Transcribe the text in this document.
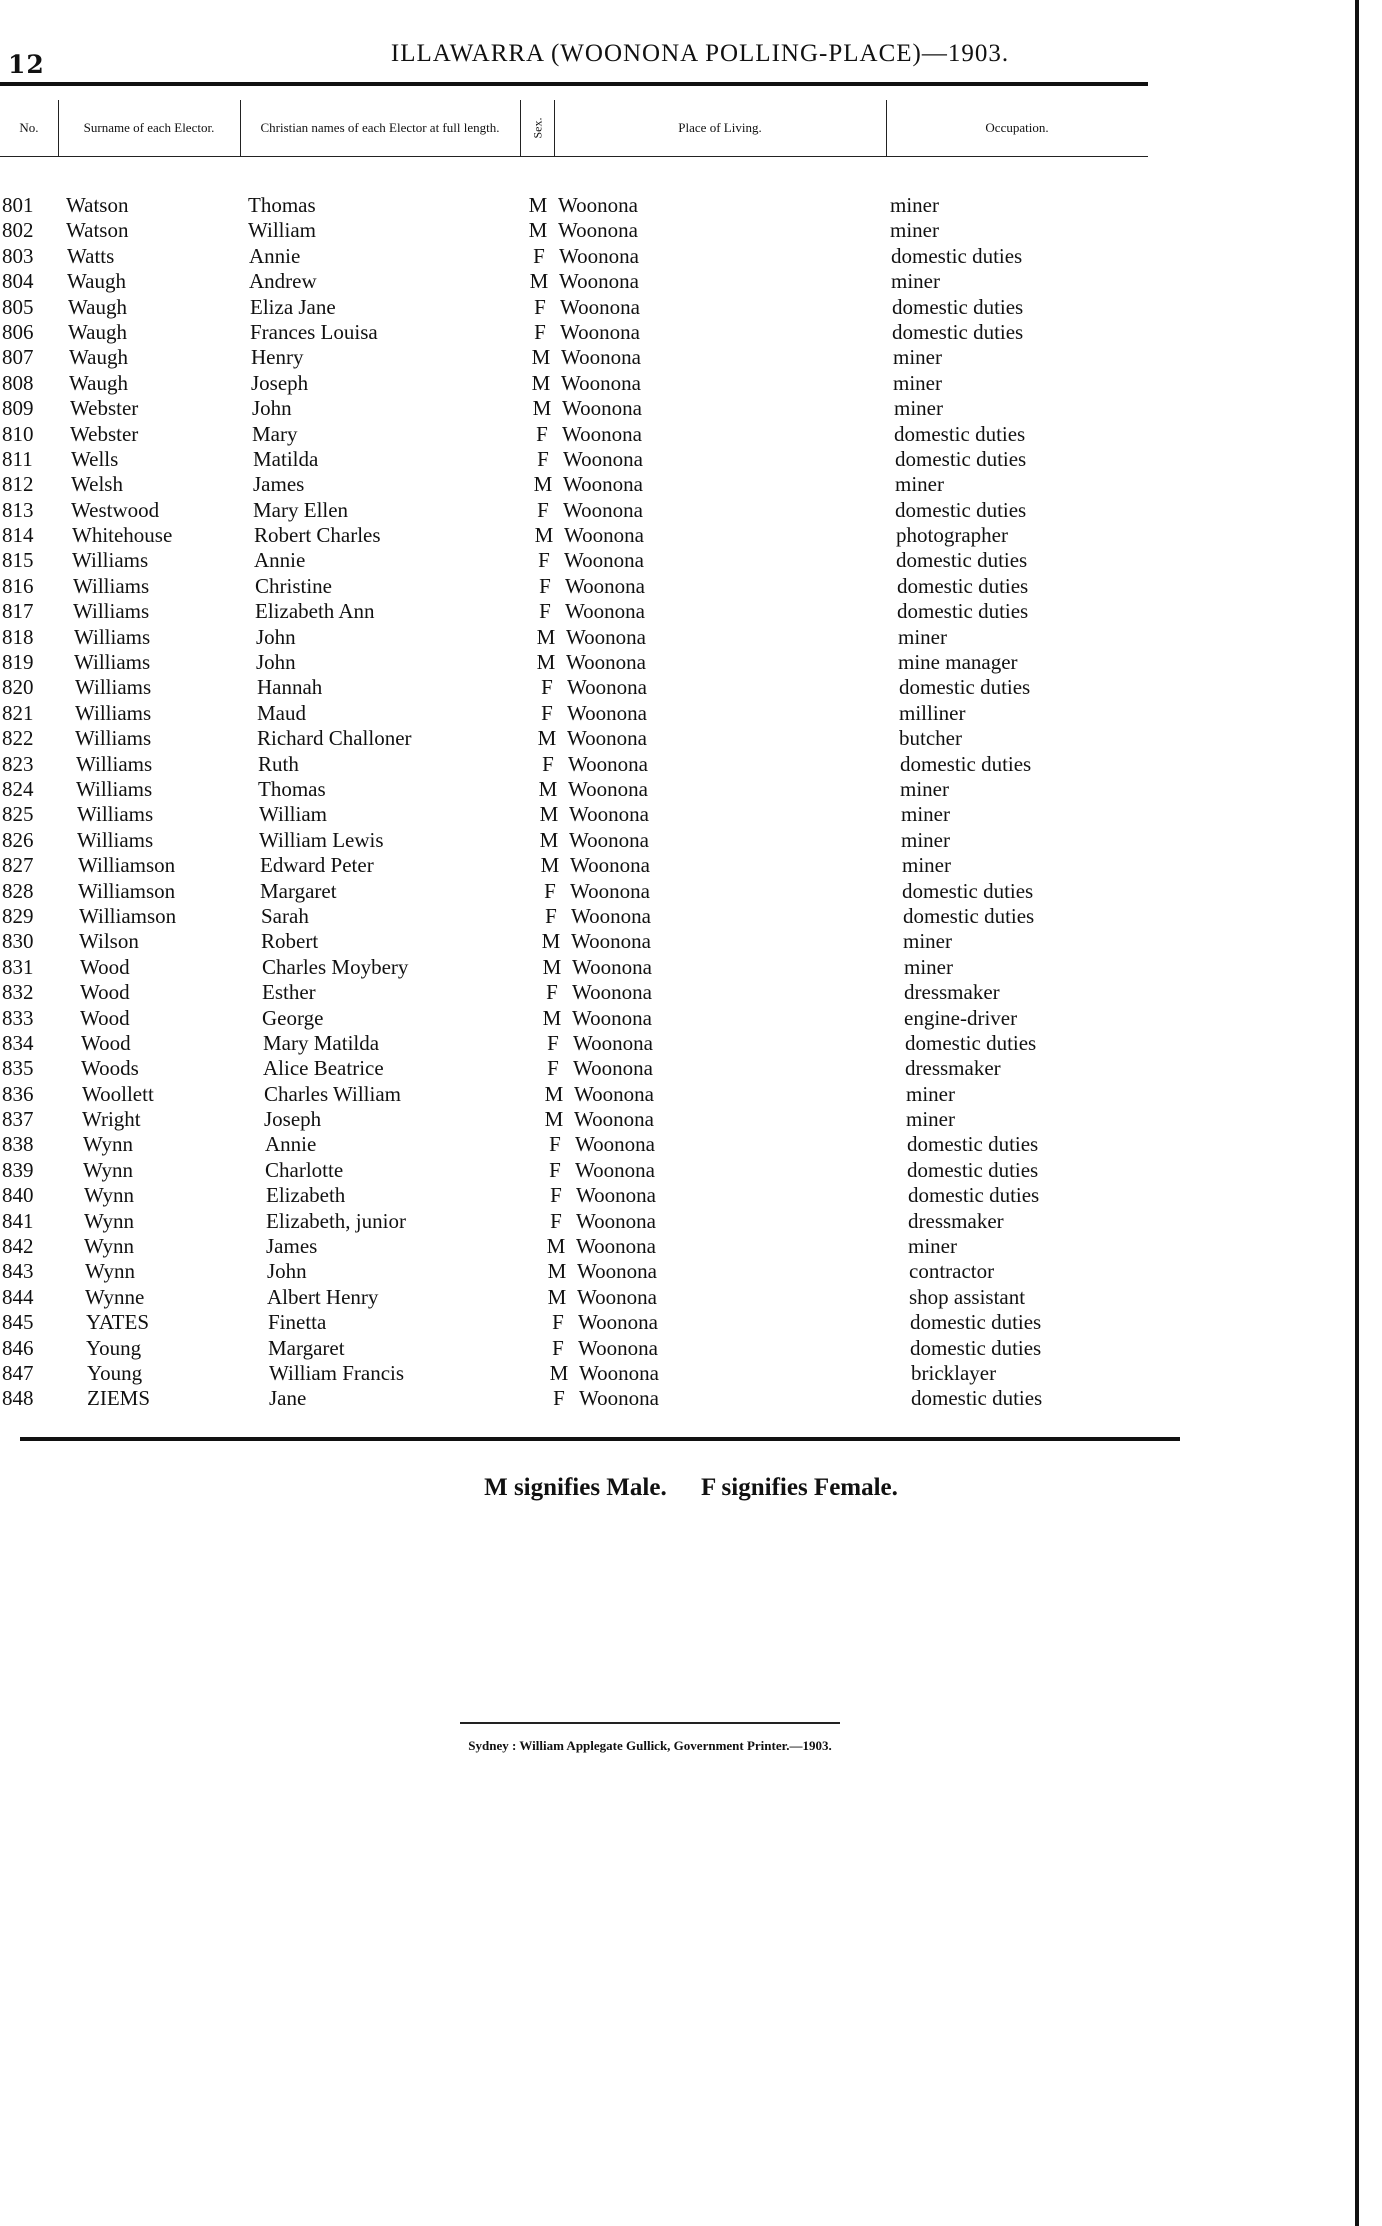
12	ILLAWARRA (WOONONA POLLING-PLACE)—1903.
No.	Surname of each Elector.	Christian names of each Elector at full length.	Sex.	Place of Living.	Occupation.
801 Watson	Thomas	M Woonona	miner
802 Watson	William	M Woonona	miner
803 Watts	Annie	F Woonona	domestic duties
804 Waugh	Andrew	M Woonona	miner
805 Waugh	Eliza Jane	F Woonona	domestic duties
806 Waugh	Frances Louisa	F Woonona	domestic duties
807 Waugh	Henry	M Woonona	miner
808 Waugh	Joseph	M Woonona	miner
809 Webster	John	M Woonona	miner
810 Webster	Mary	F Woonona	domestic duties
811 Wells	Matilda	F Woonona	domestic duties
812 Welsh	James	M Woonona	miner
813 Westwood	Mary Ellen	F Woonona	domestic duties
814 Whitehouse	Robert Charles	M Woonona	photographer
815 Williams	Annie	F Woonona	domestic duties
816 Williams	Christine	F Woonona	domestic duties
817 Williams	Elizabeth Ann	F Woonona	domestic duties
818 Williams	John	M Woonona	miner
819 Williams	John	M Woonona	mine manager
820 Williams	Hannah	F Woonona	domestic duties
821 Williams	Maud	F Woonona	milliner
822 Williams	Richard Challoner	M Woonona	butcher
823 Williams	Ruth	F Woonona	domestic duties
824 Williams	Thomas	M Woonona	miner
825 Williams	William	M Woonona	miner
826 Williams	William Lewis	M Woonona	miner
827 Williamson	Edward Peter	M Woonona	miner
828 Williamson	Margaret	F Woonona	domestic duties
829 Williamson	Sarah	F Woonona	domestic duties
830 Wilson	Robert	M Woonona	miner
831 Wood	Charles Moybery	M Woonona	miner
832 Wood	Esther	F Woonona	dressmaker
833 Wood	George	M Woonona	engine-driver
834 Wood	Mary Matilda	F Woonona	domestic duties
835 Woods	Alice Beatrice	F Woonona	dressmaker
836 Woollett	Charles William	M Woonona	miner
837 Wright	Joseph	M Woonona	miner
838 Wynn	Annie	F Woonona	domestic duties
839 Wynn	Charlotte	F Woonona	domestic duties
840 Wynn	Elizabeth	F Woonona	domestic duties
841 Wynn	Elizabeth, junior	F Woonona	dressmaker
842 Wynn	James	M Woonona	miner
843 Wynn	John	M Woonona	contractor
844 Wynne	Albert Henry	M Woonona	shop assistant
845	YATES	Finetta	F Woonona	domestic duties
846	Young	Margaret	F Woonona	domestic duties
847	Young	William Francis	M Woonona	bricklayer
848	ZIEMS	Jane	F Woonona	domestic duties
M signifies Male. F signifies Female.
Sydney : William Applegate Gullick, Government Printer.—1903.
